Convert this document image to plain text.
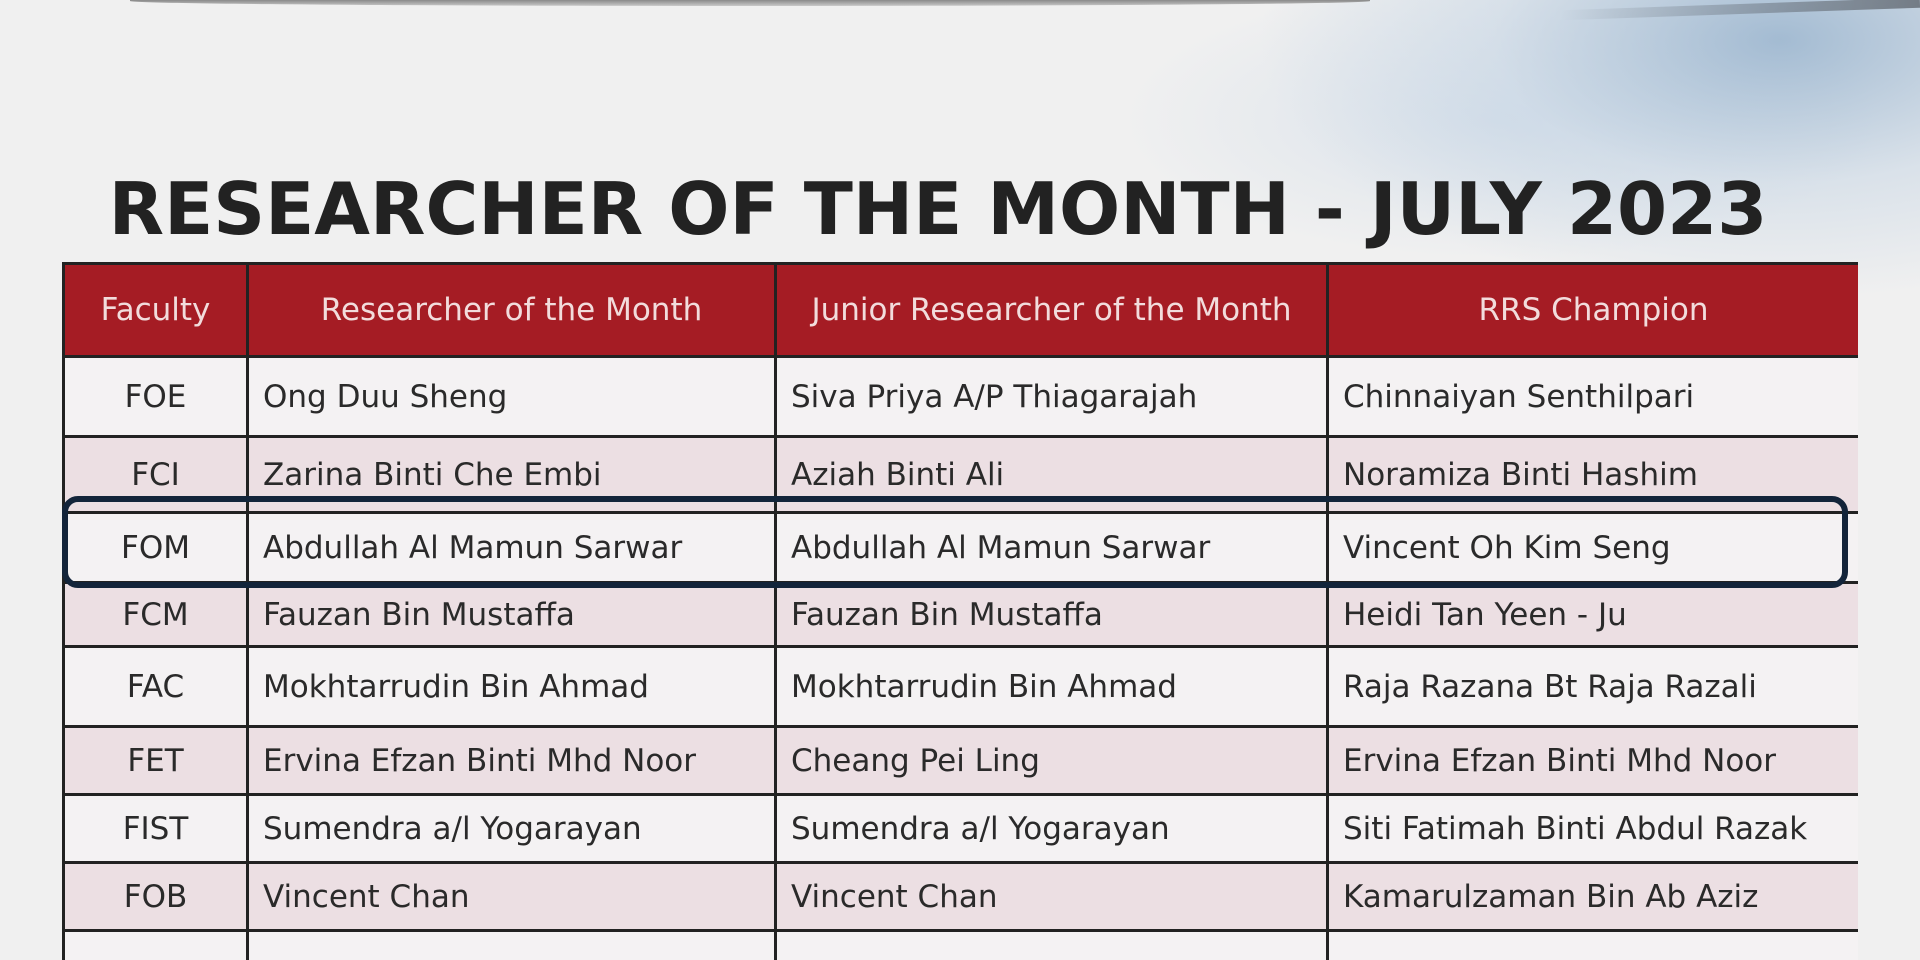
RESEARCHER OF THE MONTH - JULY 2023
Faculty	Researcher of the Month	Junior Researcher of the Month	RRS Champion
FOE	Ong Duu Sheng	Siva Priya A/P Thiagarajah	Chinnaiyan Senthilpari
FCI	Zarina Binti Che Embi	Aziah Binti Ali	Noramiza Binti Hashim
FOM	Abdullah Al Mamun Sarwar	Abdullah Al Mamun Sarwar	Vincent Oh Kim Seng
FCM	Fauzan Bin Mustaffa	Fauzan Bin Mustaffa	Heidi Tan Yeen - Ju
FAC	Mokhtarrudin Bin Ahmad	Mokhtarrudin Bin Ahmad	Raja Razana Bt Raja Razali
FET	Ervina Efzan Binti Mhd Noor	Cheang Pei Ling	Ervina Efzan Binti Mhd Noor
FIST	Sumendra a/l Yogarayan	Sumendra a/l Yogarayan	Siti Fatimah Binti Abdul Razak
FOB	Vincent Chan	Vincent Chan	Kamarulzaman Bin Ab Aziz
